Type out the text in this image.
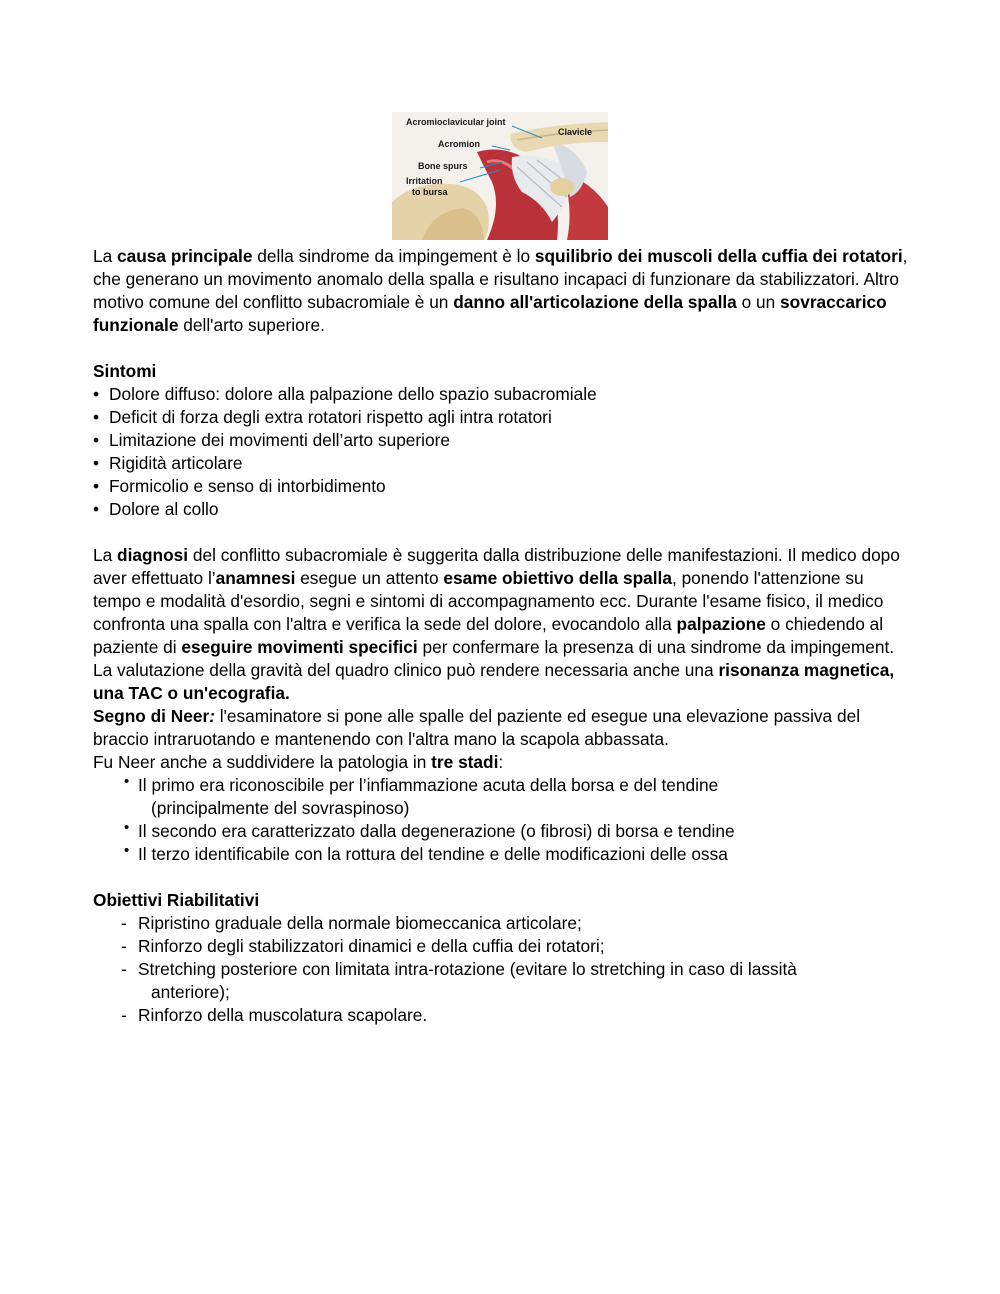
Acromioclavicular joint
Clavicle
Acromion
Bone spurs
Irritation
to bursa

La causa principale della sindrome da impingement è lo squilibrio dei muscoli della cuffia dei rotatori, che generano un movimento anomalo della spalla e risultano incapaci di funzionare da stabilizzatori. Altro motivo comune del conflitto subacromiale è un danno all'articolazione della spalla o un sovraccarico funzionale dell'arto superiore.

Sintomi

• Dolore diffuso: dolore alla palpazione dello spazio subacromiale
• Deficit di forza degli extra rotatori rispetto agli intra rotatori
• Limitazione dei movimenti dell’arto superiore
• Rigidità articolare
• Formicolio e senso di intorbidimento
• Dolore al collo

La diagnosi del conflitto subacromiale è suggerita dalla distribuzione delle manifestazioni. Il medico dopo aver effettuato l’anamnesi esegue un attento esame obiettivo della spalla, ponendo l'attenzione su tempo e modalità d'esordio, segni e sintomi di accompagnamento ecc. Durante l'esame fisico, il medico confronta una spalla con l'altra e verifica la sede del dolore, evocandolo alla palpazione o chiedendo al paziente di eseguire movimenti specifici per confermare la presenza di una sindrome da impingement.

La valutazione della gravità del quadro clinico può rendere necessaria anche una risonanza magnetica, una TAC o un'ecografia.

Segno di Neer: l'esaminatore si pone alle spalle del paziente ed esegue una elevazione passiva del braccio intraruotando e mantenendo con l'altra mano la scapola abbassata.

Fu Neer anche a suddividere la patologia in tre stadi:

• Il primo era riconoscibile per l’infiammazione acuta della borsa e del tendine
(principalmente del sovraspinoso)
• Il secondo era caratterizzato dalla degenerazione (o fibrosi) di borsa e tendine
• Il terzo identificabile con la rottura del tendine e delle modificazioni delle ossa

Obiettivi Riabilitativi

- Ripristino graduale della normale biomeccanica articolare;
- Rinforzo degli stabilizzatori dinamici e della cuffia dei rotatori;
- Stretching posteriore con limitata intra-rotazione (evitare lo stretching in caso di lassità
anteriore);
- Rinforzo della muscolatura scapolare.
